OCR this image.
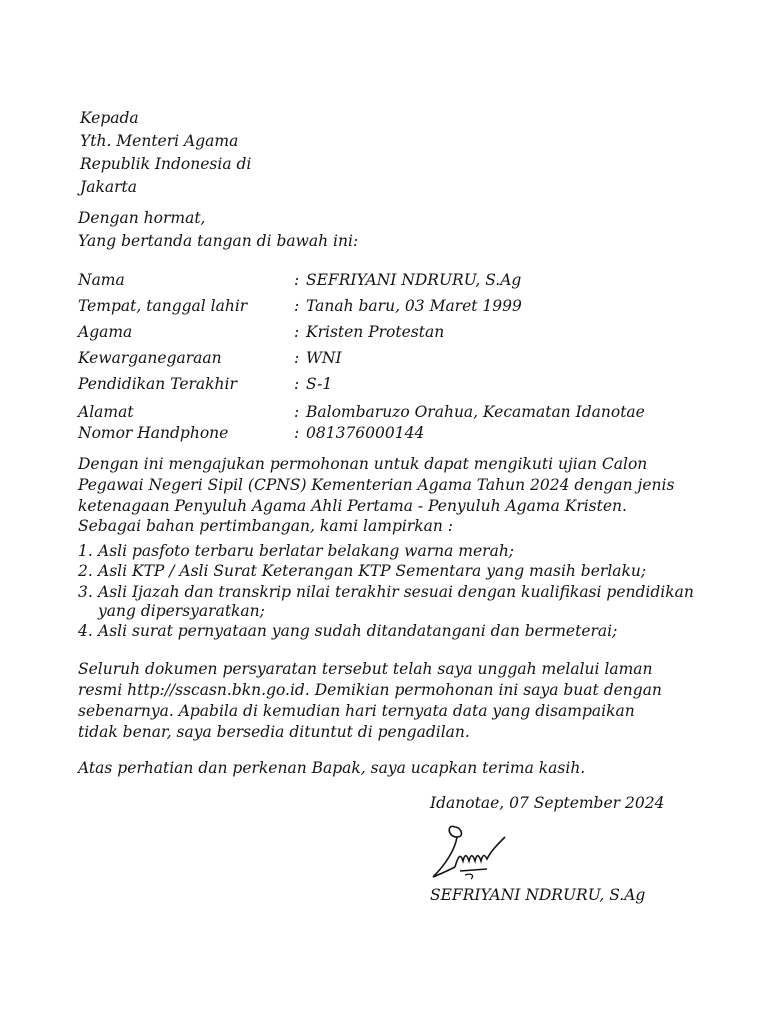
Kepada
Yth. Menteri Agama
Republik Indonesia di
Jakarta
Dengan hormat,
Yang bertanda tangan di bawah ini:
Nama	: SEFRIYANI NDRURU, S.Ag
Tempat, tanggal lahir	: Tanah baru, 03 Maret 1999
Agama	: Kristen Protestan
Kewarganegaraan	: WNI
Pendidikan Terakhir	: S-1
Alamat	: Balombaruzo Orahua, Kecamatan Idanotae
Nomor Handphone	: 081376000144
Dengan ini mengajukan permohonan untuk dapat mengikuti ujian Calon
Pegawai Negeri Sipil (CPNS) Kementerian Agama Tahun 2024 dengan jenis
ketenagaan Penyuluh Agama Ahli Pertama - Penyuluh Agama Kristen.
Sebagai bahan pertimbangan, kami lampirkan :
1. Asli pasfoto terbaru berlatar belakang warna merah;
2. Asli KTP / Asli Surat Keterangan KTP Sementara yang masih berlaku;
3. Asli Ijazah dan transkrip nilai terakhir sesuai dengan kualifikasi pendidikan
yang dipersyaratkan;
4. Asli surat pernyataan yang sudah ditandatangani dan bermeterai;
Seluruh dokumen persyaratan tersebut telah saya unggah melalui laman
resmi http://sscasn.bkn.go.id. Demikian permohonan ini saya buat dengan
sebenarnya. Apabila di kemudian hari ternyata data yang disampaikan
tidak benar, saya bersedia dituntut di pengadilan.
Atas perhatian dan perkenan Bapak, saya ucapkan terima kasih.
Idanotae, 07 September 2024
SEFRIYANI NDRURU, S.Ag
